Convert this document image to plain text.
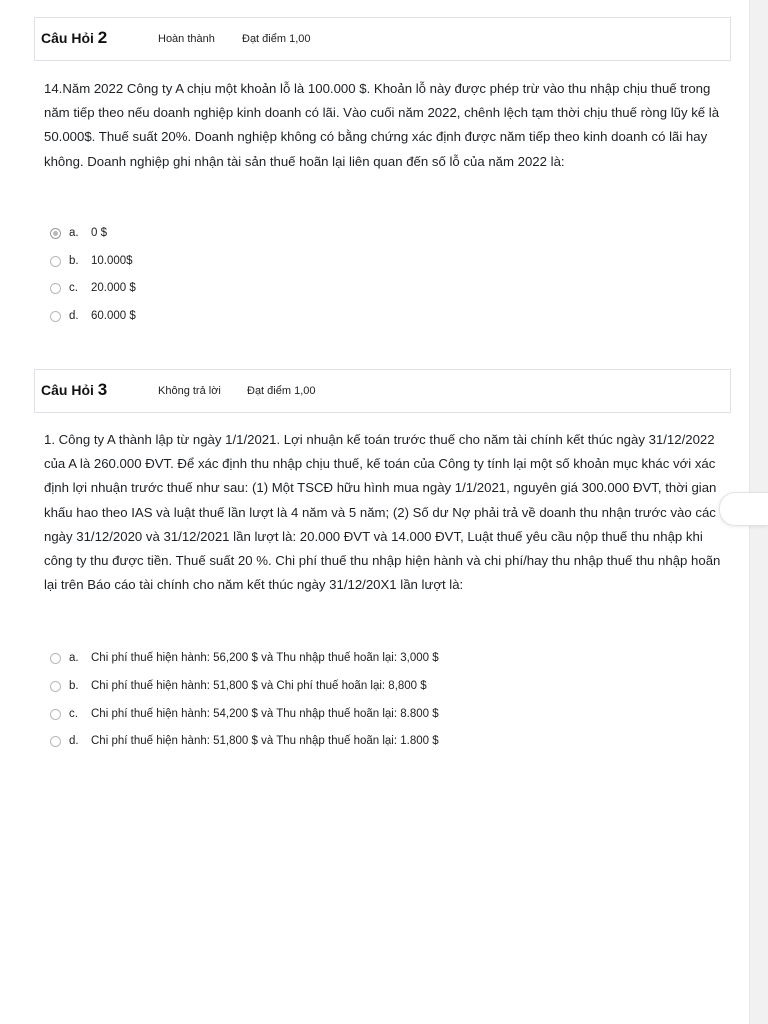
Câu Hỏi 2	Hoàn thành Đạt điểm 1,00

14.Năm 2022 Công ty A chịu một khoản lỗ là 100.000 $. Khoản lỗ này được phép trừ vào thu nhập chịu thuế trong năm tiếp theo nếu doanh nghiệp kinh doanh có lãi. Vào cuối năm 2022, chênh lệch tạm thời chịu thuế ròng lũy kế là 50.000$. Thuế suất 20%. Doanh nghiệp không có bằng chứng xác định được năm tiếp theo kinh doanh có lãi hay không. Doanh nghiệp ghi nhận tài sản thuế hoãn lại liên quan đến số lỗ của năm 2022 là:

a.	0 $
b.	10.000$
c.	20.000 $
d.	60.000 $
Câu Hỏi 3	Không trả lời Đạt điểm 1,00

1. Công ty A thành lập từ ngày 1/1/2021. Lợi nhuận kế toán trước thuế cho năm tài chính kết thúc ngày 31/12/2022 của A là 260.000 ĐVT. Để xác định thu nhập chịu thuế, kế toán của Công ty tính lại một số khoản mục khác với xác định lợi nhuận trước thuế như sau: (1) Một TSCĐ hữu hình mua ngày 1/1/2021, nguyên giá 300.000 ĐVT, thời gian khấu hao theo IAS và luật thuế lần lượt là 4 năm và 5 năm; (2) Số dư Nợ phải trả về doanh thu nhận trước vào các ngày 31/12/2020 và 31/12/2021 lần lượt là: 20.000 ĐVT và 14.000 ĐVT, Luật thuế yêu cầu nộp thuế thu nhập khi công ty thu được tiền. Thuế suất 20 %. Chi phí thuế thu nhập hiện hành và chi phí/hay thu nhập thuế thu nhập hoãn lại trên Báo cáo tài chính cho năm kết thúc ngày 31/12/20X1 lần lượt là:

a.	Chi phí thuế hiện hành: 56,200 $ và Thu nhập thuế hoãn lại: 3,000 $
b.	Chi phí thuế hiện hành: 51,800 $ và Chi phí thuế hoãn lại: 8,800 $
c.	Chi phí thuế hiện hành: 54,200 $ và Thu nhập thuế hoãn lại: 8.800 $
d.	Chi phí thuế hiện hành: 51,800 $ và Thu nhập thuế hoãn lại: 1.800 $
